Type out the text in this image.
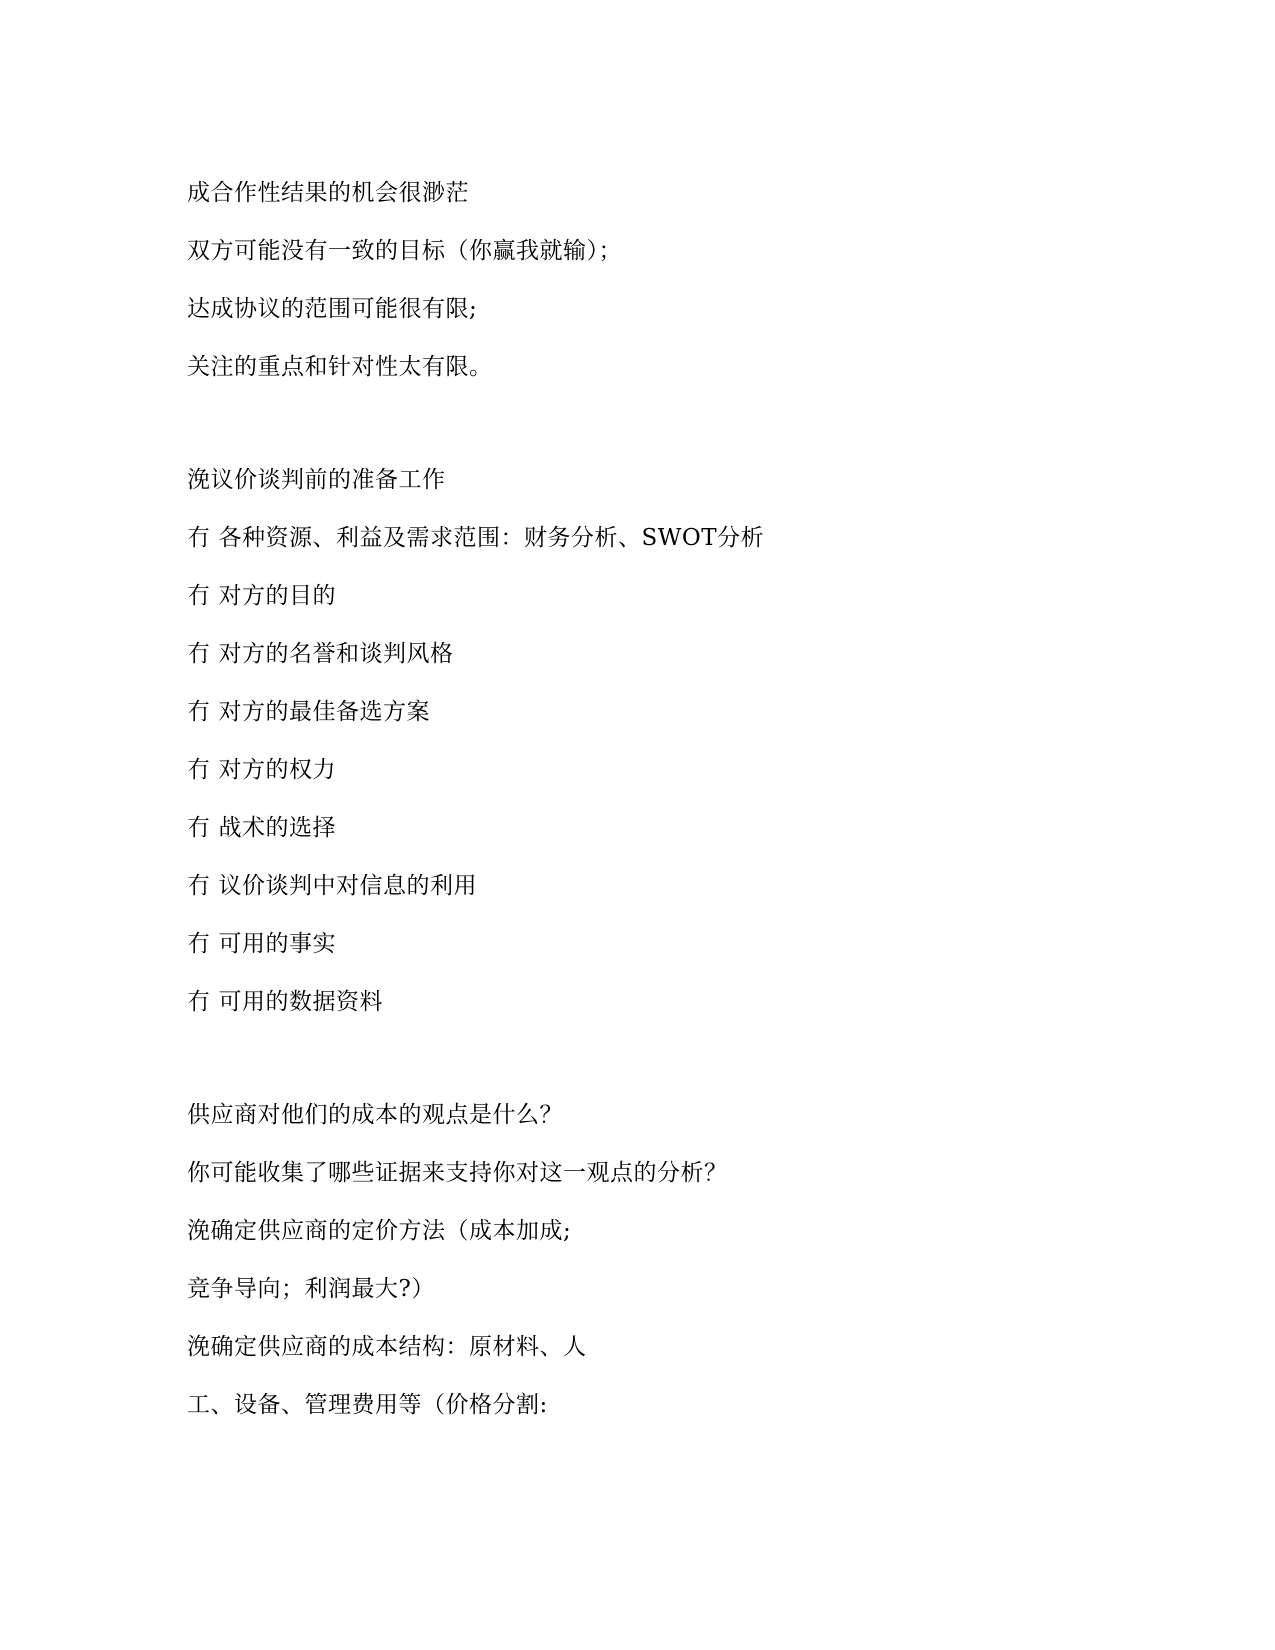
成合作性结果的机会很渺茫
双方可能没有一致的目标（你赢我就输）；
达成协议的范围可能很有限;
关注的重点和针对性太有限。
浼议价谈判前的准备工作
冇 各种资源、利益及需求范围：财务分析、SWOT分析
冇 对方的目的
冇 对方的名誉和谈判风格
冇 对方的最佳备选方案
冇 对方的权力
冇 战术的选择
冇 议价谈判中对信息的利用
冇 可用的事实
冇 可用的数据资料
供应商对他们的成本的观点是什么？
你可能收集了哪些证据来支持你对这一观点的分析？
浼确定供应商的定价方法（成本加成;
竞争导向；利润最大?）
浼确定供应商的成本结构：原材料、人
工、设备、管理费用等（价格分割:
